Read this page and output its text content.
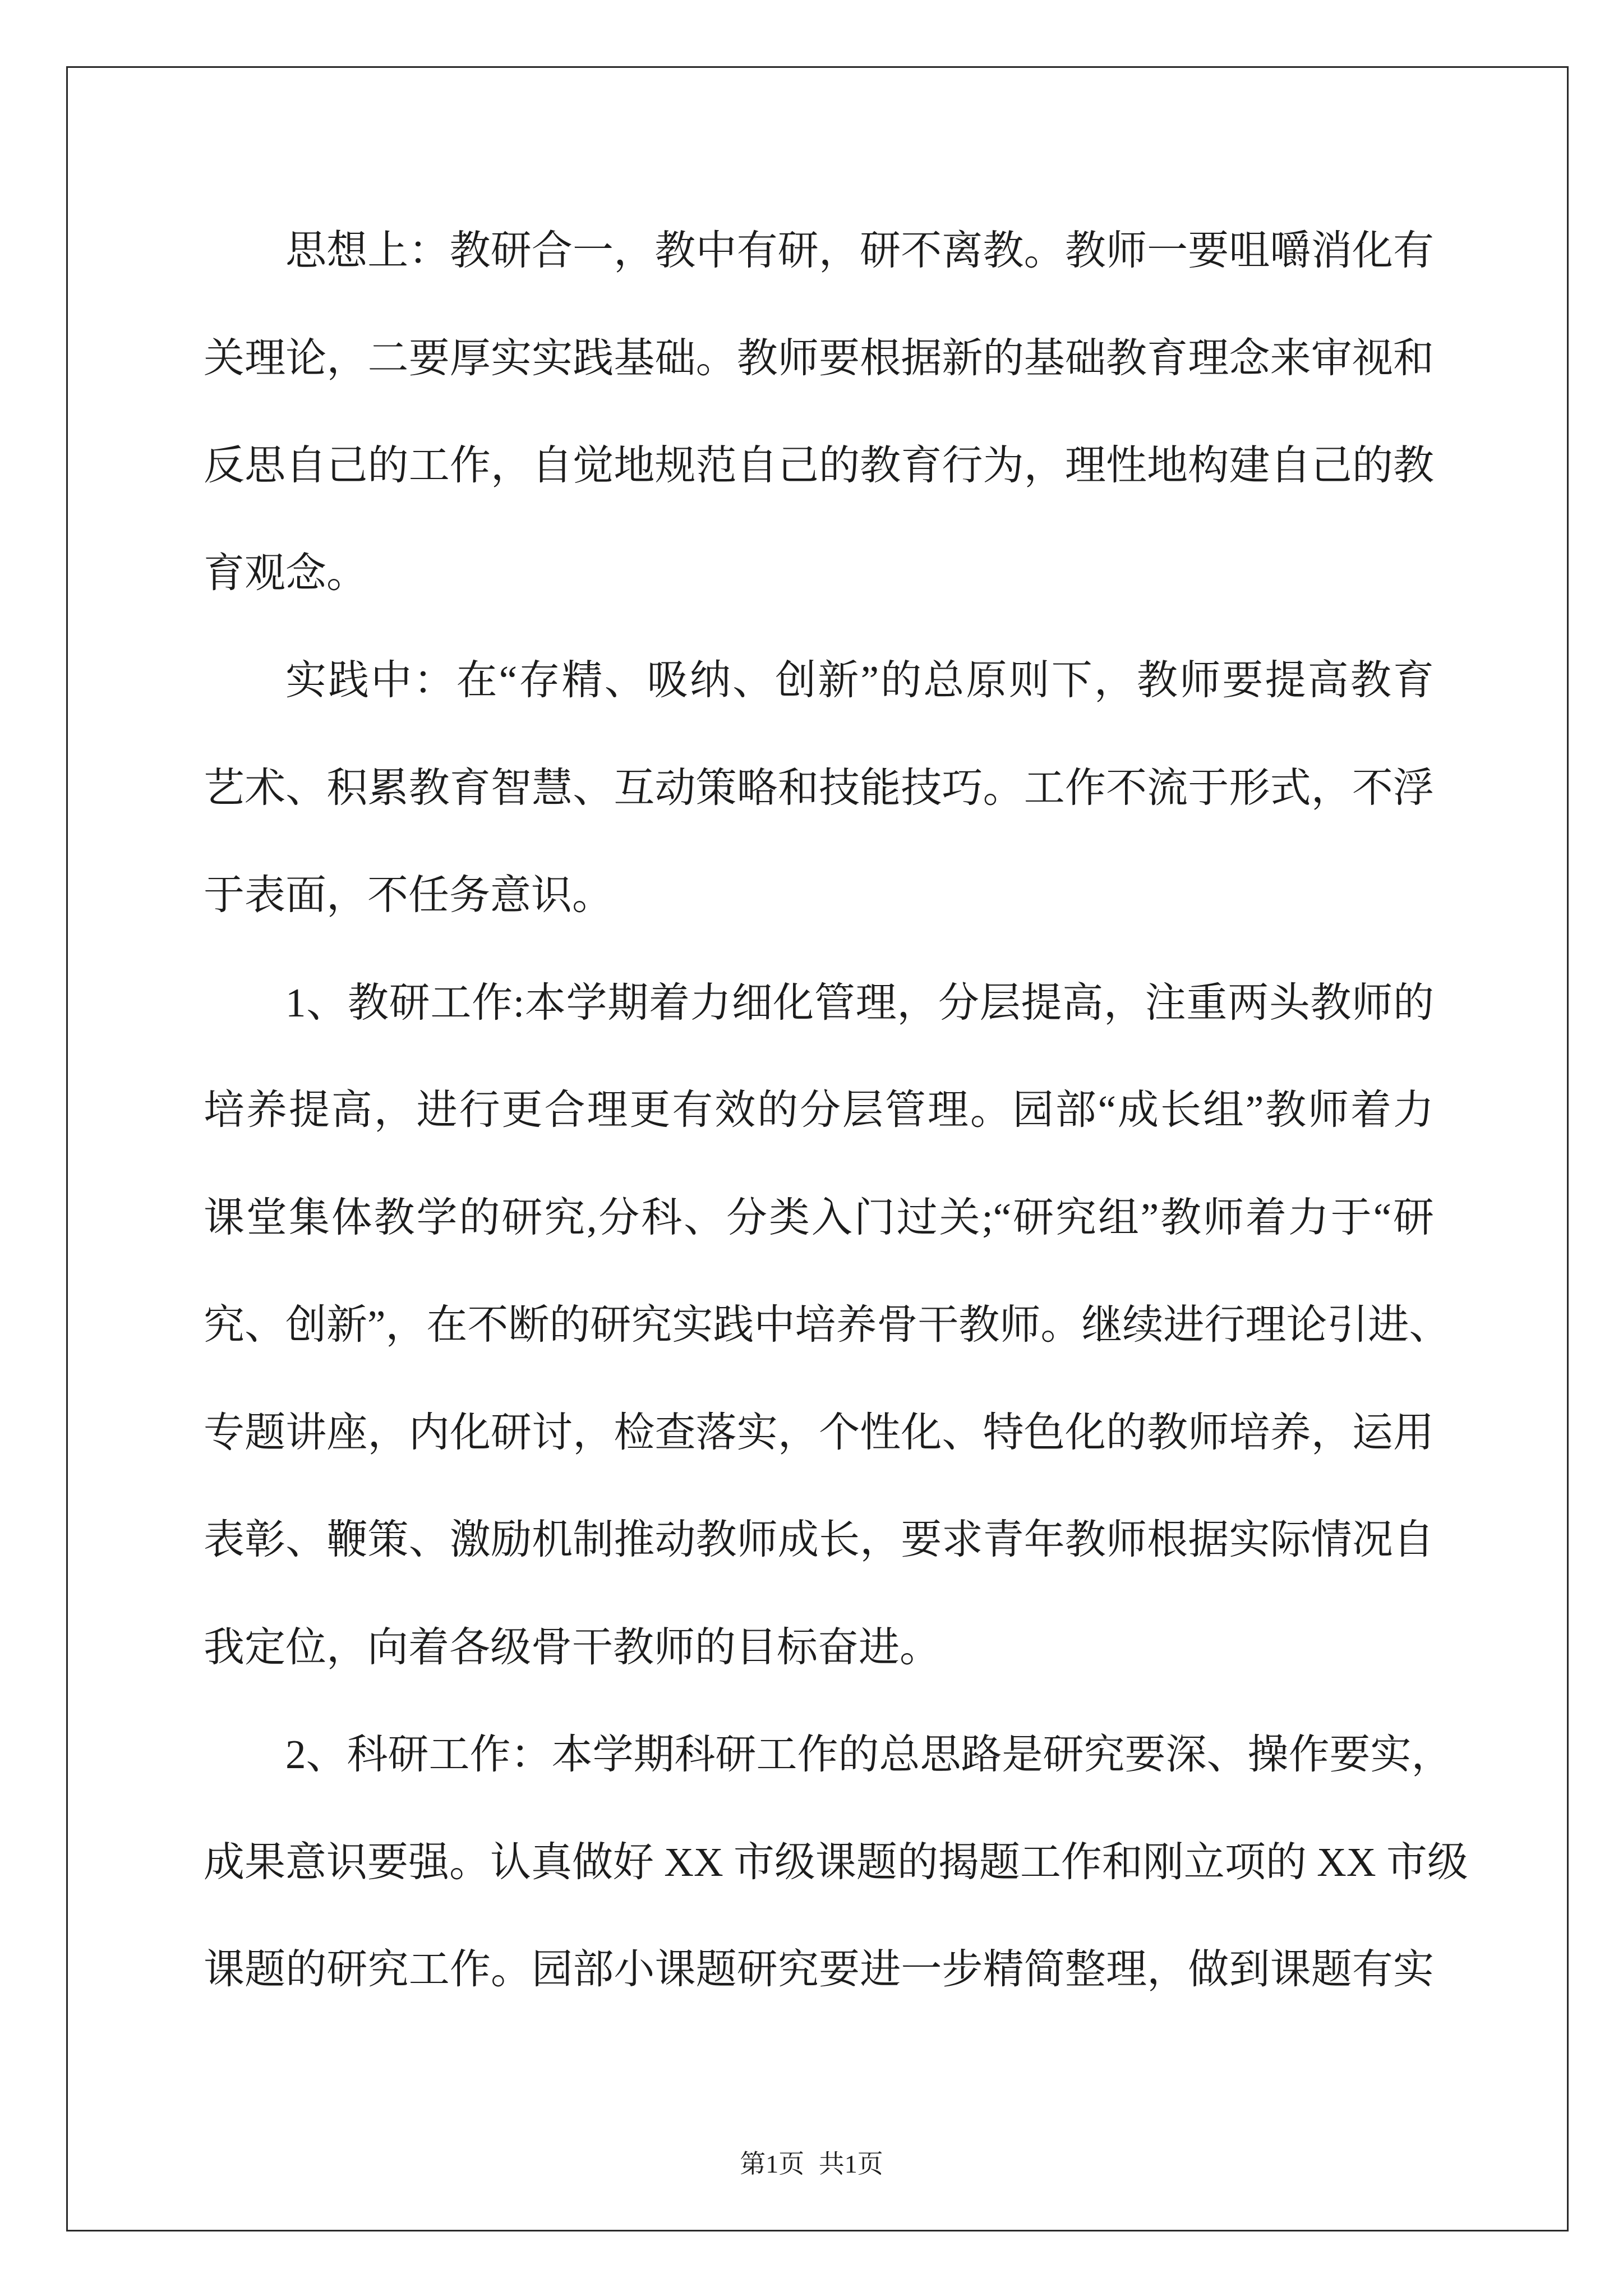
思想上：教研合一，教中有研，研不离教。教师一要咀嚼消化有
关理论，二要厚实实践基础。教师要根据新的基础教育理念来审视和
反思自己的工作，自觉地规范自己的教育行为，理性地构建自己的教
育观念。
实践中：在“存精、吸纳、创新”的总原则下，教师要提高教育
艺术、积累教育智慧、互动策略和技能技巧。工作不流于形式，不浮
于表面，不任务意识。
1、教研工作:本学期着力细化管理，分层提高，注重两头教师的
培养提高，进行更合理更有效的分层管理。园部“成长组”教师着力
课堂集体教学的研究,分科、分类入门过关;“研究组”教师着力于“研
究、创新”，在不断的研究实践中培养骨干教师。继续进行理论引进、
专题讲座，内化研讨，检查落实，个性化、特色化的教师培养，运用
表彰、鞭策、激励机制推动教师成长，要求青年教师根据实际情况自
我定位，向着各级骨干教师的目标奋进。
2、科研工作：本学期科研工作的总思路是研究要深、操作要实，
成果意识要强。认真做好 XX 市级课题的揭题工作和刚立项的 XX 市级
课题的研究工作。园部小课题研究要进一步精简整理，做到课题有实
第1页 共1页
